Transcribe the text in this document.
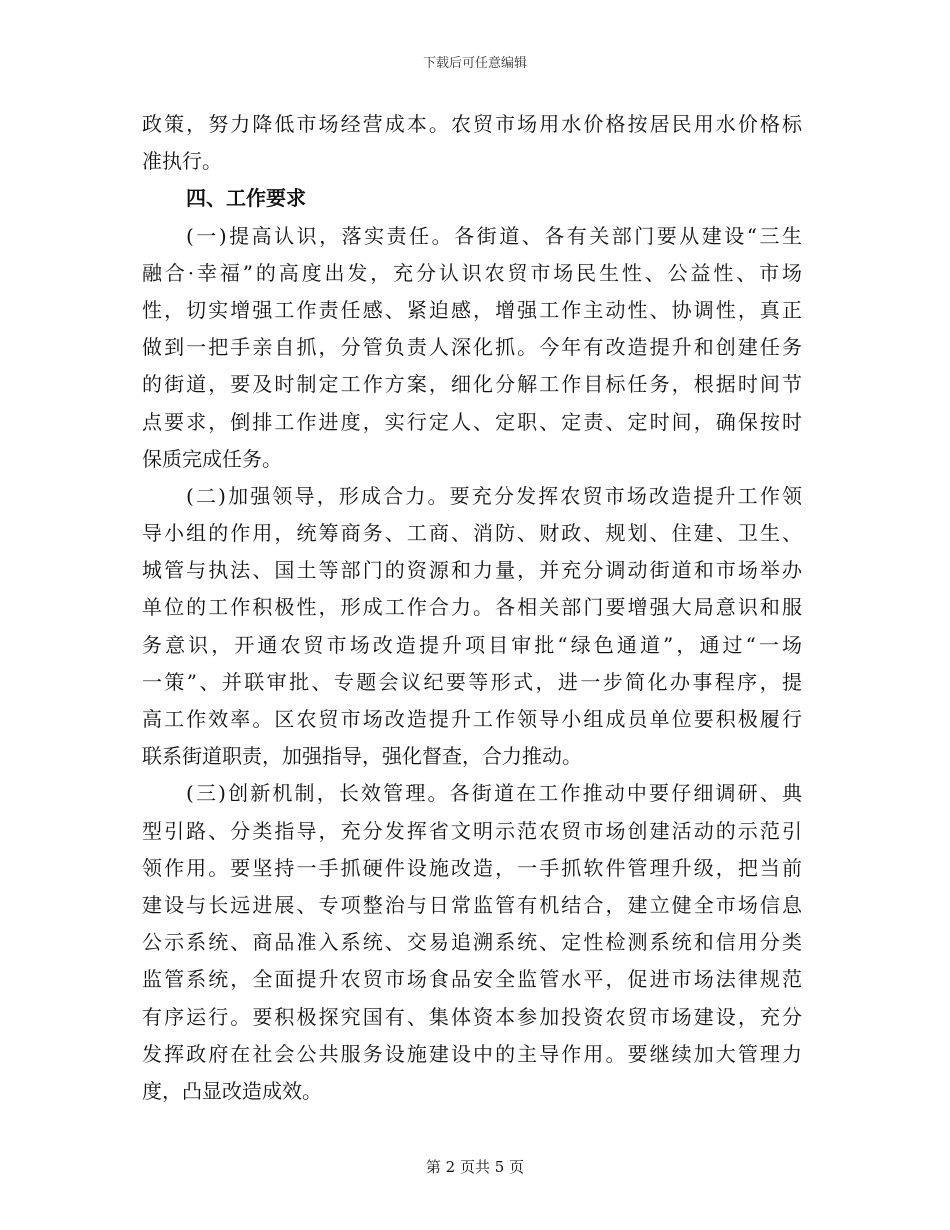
下载后可任意编辑
政策，努力降低市场经营成本。农贸市场用水价格按居民用水价格标
准执行。
四、工作要求
(一)提高认识，落实责任。各街道、各有关部门要从建设“三生
融合·幸福”的高度出发，充分认识农贸市场民生性、公益性、市场
性，切实增强工作责任感、紧迫感，增强工作主动性、协调性，真正
做到一把手亲自抓，分管负责人深化抓。今年有改造提升和创建任务
的街道，要及时制定工作方案，细化分解工作目标任务，根据时间节
点要求，倒排工作进度，实行定人、定职、定责、定时间，确保按时
保质完成任务。
(二)加强领导，形成合力。要充分发挥农贸市场改造提升工作领
导小组的作用，统筹商务、工商、消防、财政、规划、住建、卫生、
城管与执法、国土等部门的资源和力量，并充分调动街道和市场举办
单位的工作积极性，形成工作合力。各相关部门要增强大局意识和服
务意识，开通农贸市场改造提升项目审批“绿色通道”，通过“一场
一策”、并联审批、专题会议纪要等形式，进一步简化办事程序，提
高工作效率。区农贸市场改造提升工作领导小组成员单位要积极履行
联系街道职责，加强指导，强化督查，合力推动。
(三)创新机制，长效管理。各街道在工作推动中要仔细调研、典
型引路、分类指导，充分发挥省文明示范农贸市场创建活动的示范引
领作用。要坚持一手抓硬件设施改造，一手抓软件管理升级，把当前
建设与长远进展、专项整治与日常监管有机结合，建立健全市场信息
公示系统、商品准入系统、交易追溯系统、定性检测系统和信用分类
监管系统，全面提升农贸市场食品安全监管水平，促进市场法律规范
有序运行。要积极探究国有、集体资本参加投资农贸市场建设，充分
发挥政府在社会公共服务设施建设中的主导作用。要继续加大管理力
度，凸显改造成效。
第 2 页共 5 页
